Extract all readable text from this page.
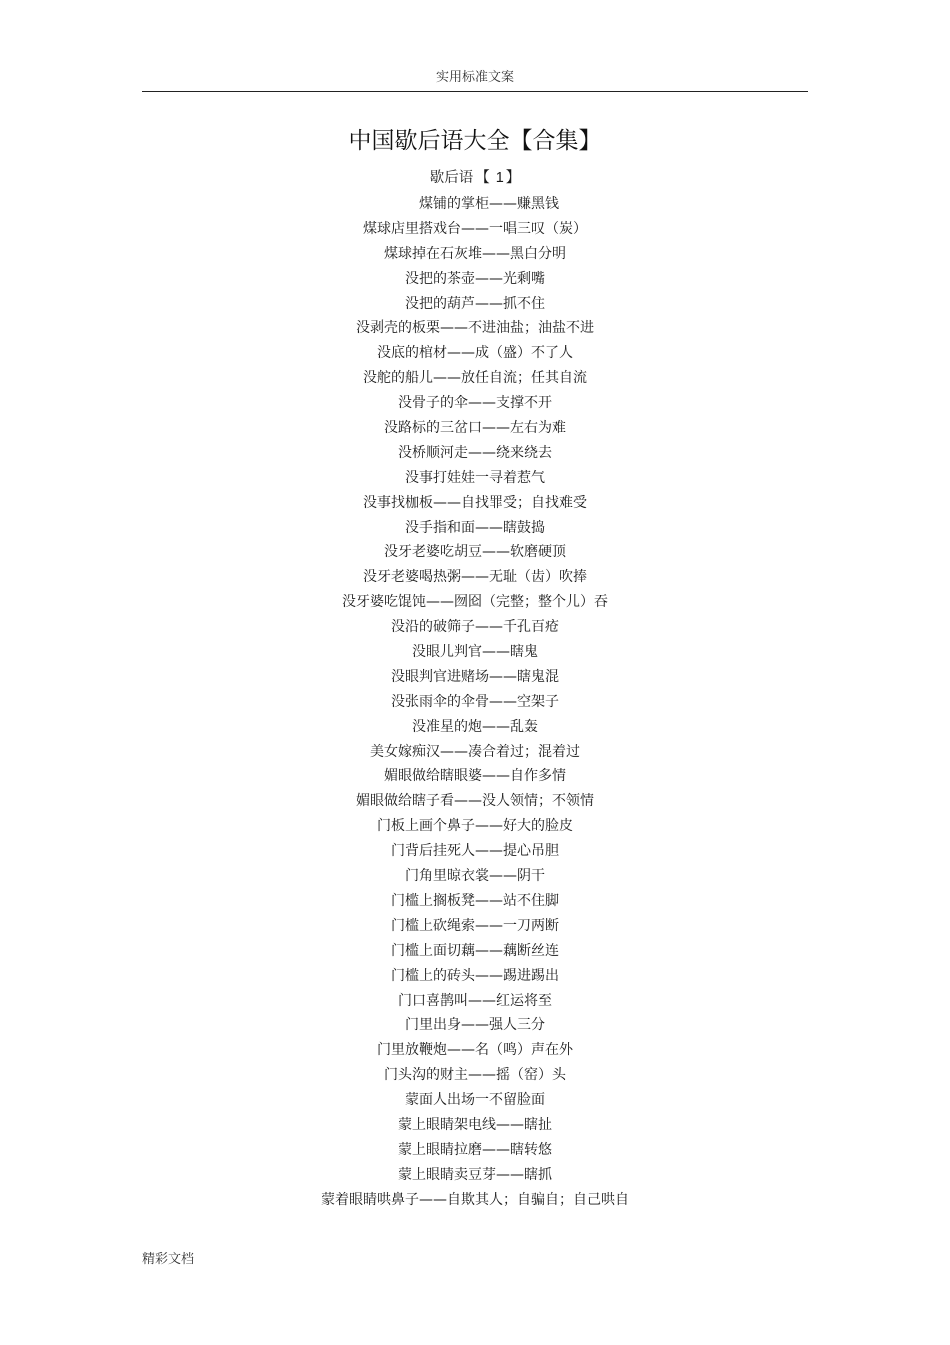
实用标准文案
中国歇后语大全【合集】
歇后语 【 1 】
煤铺的掌柜——赚黑钱
煤球店里搭戏台——一唱三叹（炭）
煤球掉在石灰堆——黑白分明
没把的茶壶——光剩嘴
没把的葫芦——抓不住
没剥壳的板栗——不进油盐；油盐不进
没底的棺材——成（盛）不了人
没舵的船儿——放任自流；任其自流
没骨子的伞——支撑不开
没路标的三岔口——左右为难
没桥顺河走——绕来绕去
没事打娃娃一寻着惹气
没事找枷板——自找罪受；自找难受
没手指和面——瞎鼓捣
没牙老婆吃胡豆——软磨硬顶
没牙老婆喝热粥——无耻（齿）吹捧
没牙婆吃馄饨——囫囵（完整；整个儿）吞
没沿的破筛子——千孔百疮
没眼儿判官——瞎鬼
没眼判官进赌场——瞎鬼混
没张雨伞的伞骨——空架子
没准星的炮——乱轰
美女嫁痴汉——凑合着过；混着过
媚眼做给瞎眼婆——自作多情
媚眼做给瞎子看——没人领情；不领情
门板上画个鼻子——好大的脸皮
门背后挂死人——提心吊胆
门角里晾衣裳——阴干
门槛上搁板凳——站不住脚
门槛上砍绳索——一刀两断
门槛上面切藕——藕断丝连
门槛上的砖头——踢进踢出
门口喜鹊叫——红运将至
门里出身——强人三分
门里放鞭炮——名（鸣）声在外
门头沟的财主——摇（窑）头
蒙面人出场一不留脸面
蒙上眼睛架电线——瞎扯
蒙上眼睛拉磨——瞎转悠
蒙上眼睛卖豆芽——瞎抓
蒙着眼睛哄鼻子——自欺其人；自骗自；自己哄自
精彩文档
